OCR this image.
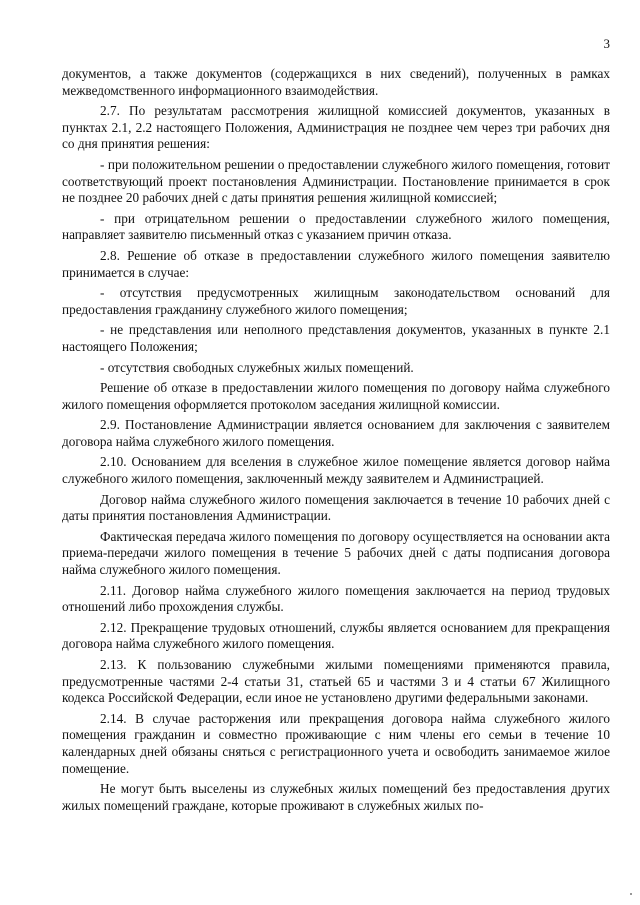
3

документов, а также документов (содержащихся в них сведений), полученных в рамках межведомственного информационного взаимодействия.

2.7. По результатам рассмотрения жилищной комиссией документов, указанных в пунктах 2.1, 2.2 настоящего Положения, Администрация не позднее чем через три рабочих дня со дня принятия решения:

- при положительном решении о предоставлении служебного жилого помещения, готовит соответствующий проект постановления Администрации. Постановление принимается в срок не позднее 20 рабочих дней с даты принятия решения жилищной комиссией;

- при отрицательном решении о предоставлении служебного жилого помещения, направляет заявителю письменный отказ с указанием причин отказа.

2.8. Решение об отказе в предоставлении служебного жилого помещения заявителю принимается в случае:

- отсутствия предусмотренных жилищным законодательством оснований для предоставления гражданину служебного жилого помещения;

- не представления или неполного представления документов, указанных в пункте 2.1 настоящего Положения;

- отсутствия свободных служебных жилых помещений.

Решение об отказе в предоставлении жилого помещения по договору найма служебного жилого помещения оформляется протоколом заседания жилищной комиссии.

2.9. Постановление Администрации является основанием для заключения с заявителем договора найма служебного жилого помещения.

2.10. Основанием для вселения в служебное жилое помещение является договор найма служебного жилого помещения, заключенный между заявителем и Администрацией.

Договор найма служебного жилого помещения заключается в течение 10 рабочих дней с даты принятия постановления Администрации.

Фактическая передача жилого помещения по договору осуществляется на основании акта приема-передачи жилого помещения в течение 5 рабочих дней с даты подписания договора найма служебного жилого помещения.

2.11. Договор найма служебного жилого помещения заключается на период трудовых отношений либо прохождения службы.

2.12. Прекращение трудовых отношений, службы является основанием для прекращения договора найма служебного жилого помещения.

2.13. К пользованию служебными жилыми помещениями применяются правила, предусмотренные частями 2-4 статьи 31, статьей 65 и частями 3 и 4 статьи 67 Жилищного кодекса Российской Федерации, если иное не установлено другими федеральными законами.

2.14. В случае расторжения или прекращения договора найма служебного жилого помещения гражданин и совместно проживающие с ним члены его семьи в течение 10 календарных дней обязаны сняться с регистрационного учета и освободить занимаемое жилое помещение.

Не могут быть выселены из служебных жилых помещений без предоставления других жилых помещений граждане, которые проживают в служебных жилых по-
